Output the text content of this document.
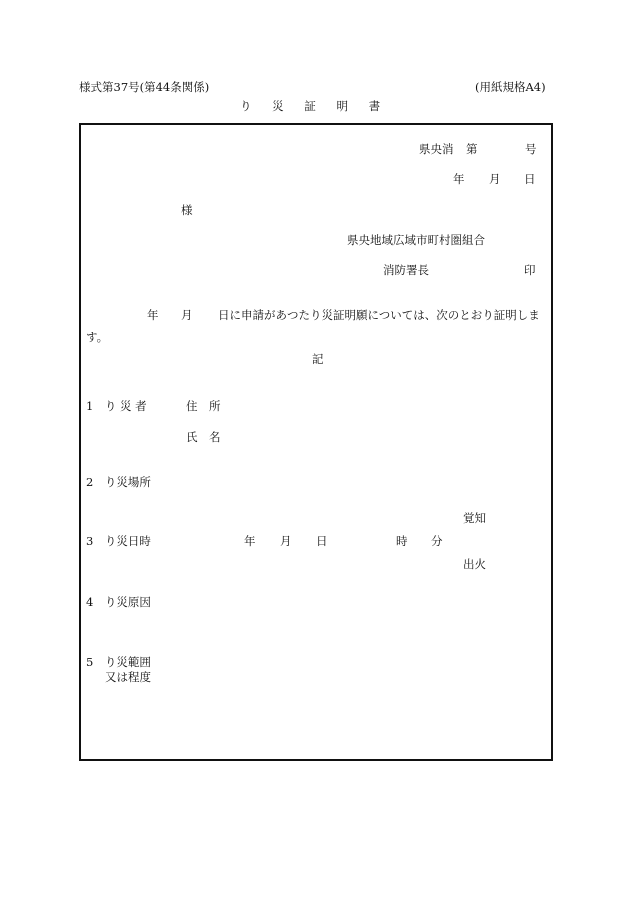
様式第37号(第44条関係)	(用紙規格A4)
り 災 証 明 書
県央消 第	号
年 月 日
様
県央地域広域市町村圏組合
消防署長	印
年 月 日に申請があつたり災証明願については、次のとおり証明しま
す。
記
1　り 災 者	住　所
氏　名
2　り災場所
覚知
3　り災日時	年 月 日	時 分
出火
4　り災原因
5　り災範囲
又は程度
